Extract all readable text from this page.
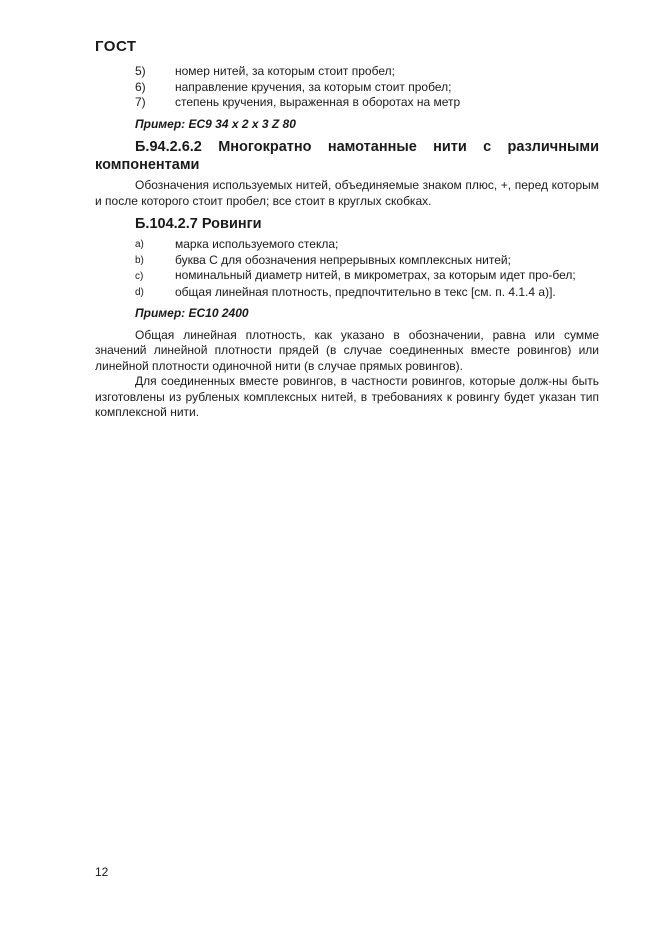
ГОСТ
5)	номер нитей, за которым стоит пробел;
6)	направление кручения, за которым стоит пробел;
7)	степень кручения, выраженная в оборотах на метр
Пример: EC9 34 x 2 x 3 Z 80
Б.94.2.6.2 Многократно намотанные нити с различными компонентами
Обозначения используемых нитей, объединяемые знаком плюс, +, перед которым и после которого стоит пробел; все стоит в круглых скобках.
Б.104.2.7 Ровинги
a)	марка используемого стекла;
b)	буква С для обозначения непрерывных комплексных нитей;
c)	номинальный диаметр нитей, в микрометрах, за которым идет про-бел;
d)	общая линейная плотность, предпочтительно в текс [см. п. 4.1.4 а)].
Пример: EC10 2400
Общая линейная плотность, как указано в обозначении, равна или сумме значений линейной плотности прядей (в случае соединенных вместе ровингов) или линейной плотности одиночной нити (в случае прямых ровингов).
Для соединенных вместе ровингов, в частности ровингов, которые долж-ны быть изготовлены из рубленых комплексных нитей, в требованиях к ровингу будет указан тип комплексной нити.
12
